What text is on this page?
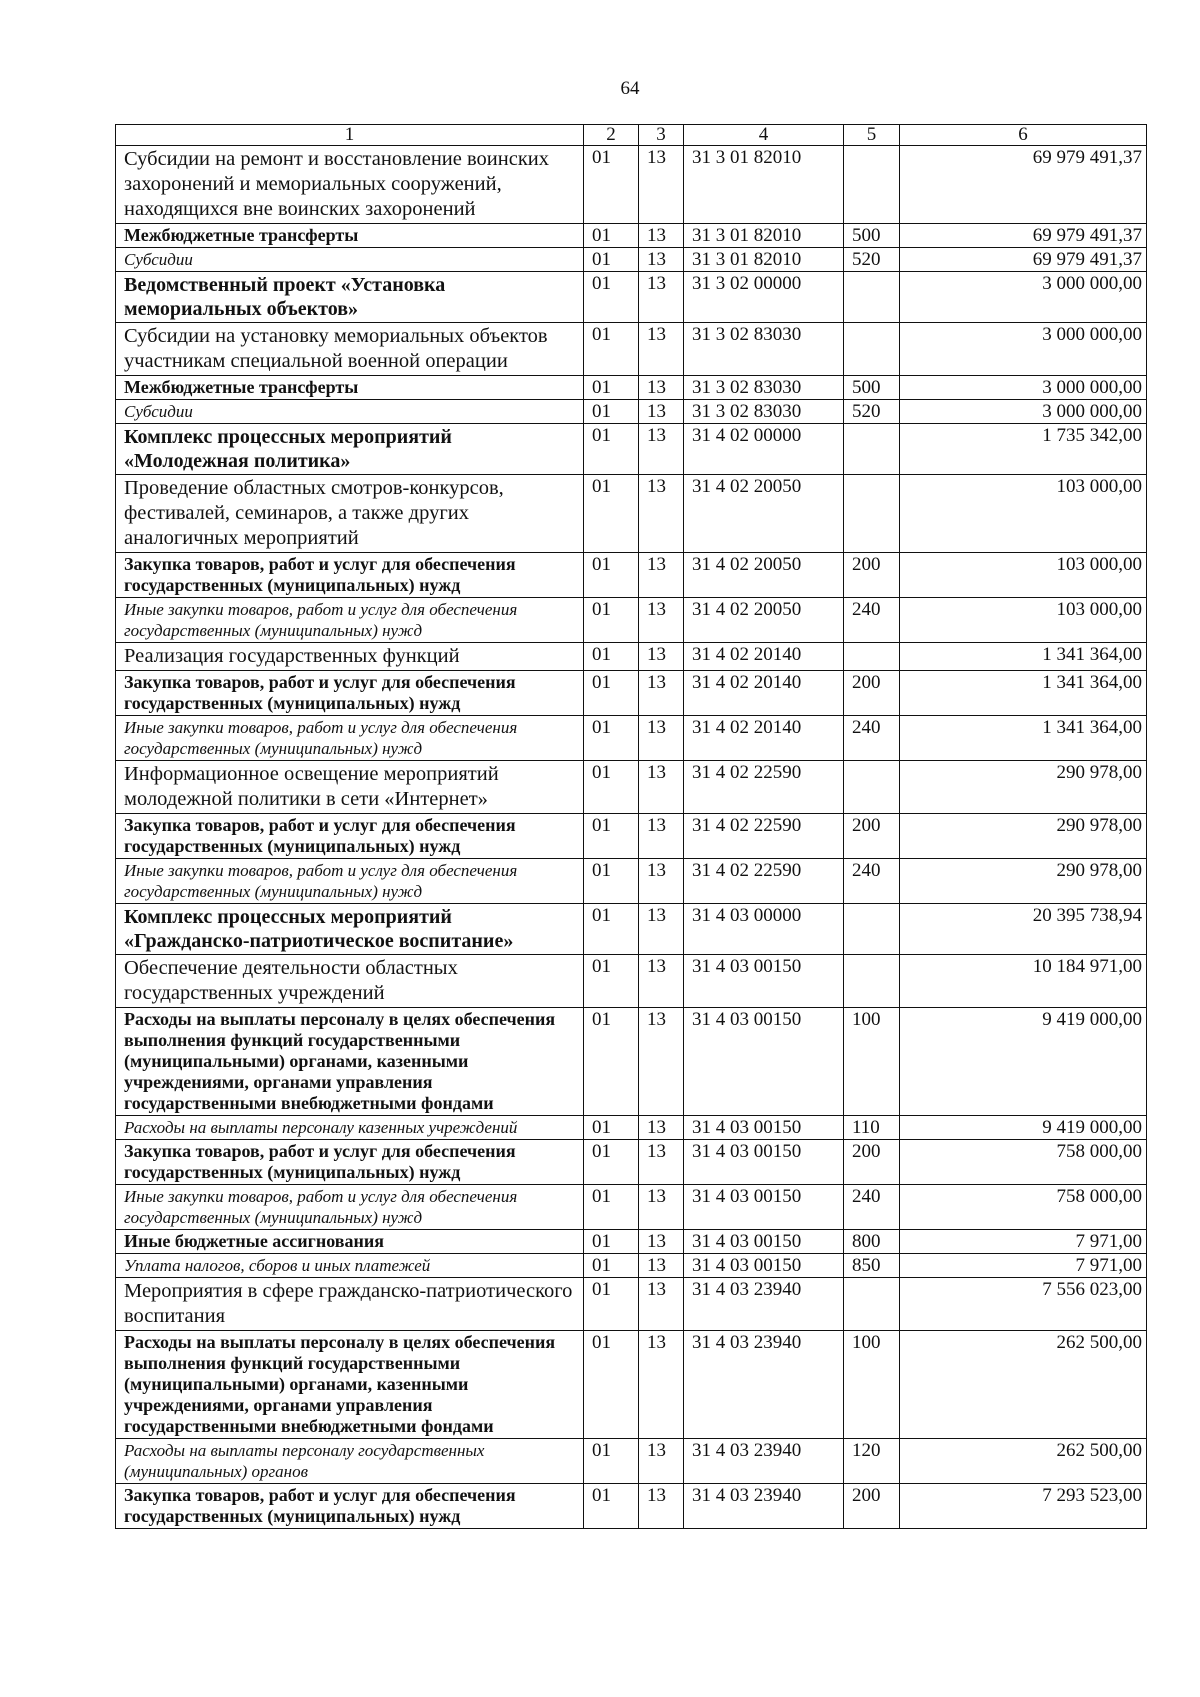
64
1	2	3	4	5	6
Субсидии на ремонт и восстановление воинских захоронений и мемориальных сооружений, находящихся вне воинских захоронений	01	13	31 3 01 82010		69 979 491,37
Межбюджетные трансферты	01	13	31 3 01 82010	500	69 979 491,37
Субсидии	01	13	31 3 01 82010	520	69 979 491,37
Ведомственный проект «Установка мемориальных объектов»	01	13	31 3 02 00000		3 000 000,00
Субсидии на установку мемориальных объектов участникам специальной военной операции	01	13	31 3 02 83030		3 000 000,00
Межбюджетные трансферты	01	13	31 3 02 83030	500	3 000 000,00
Субсидии	01	13	31 3 02 83030	520	3 000 000,00
Комплекс процессных мероприятий «Молодежная политика»	01	13	31 4 02 00000		1 735 342,00
Проведение областных смотров-конкурсов, фестивалей, семинаров, а также других аналогичных мероприятий	01	13	31 4 02 20050		103 000,00
Закупка товаров, работ и услуг для обеспечения государственных (муниципальных) нужд	01	13	31 4 02 20050	200	103 000,00
Иные закупки товаров, работ и услуг для обеспечения государственных (муниципальных) нужд	01	13	31 4 02 20050	240	103 000,00
Реализация государственных функций	01	13	31 4 02 20140		1 341 364,00
Закупка товаров, работ и услуг для обеспечения государственных (муниципальных) нужд	01	13	31 4 02 20140	200	1 341 364,00
Иные закупки товаров, работ и услуг для обеспечения государственных (муниципальных) нужд	01	13	31 4 02 20140	240	1 341 364,00
Информационное освещение мероприятий молодежной политики в сети «Интернет»	01	13	31 4 02 22590		290 978,00
Закупка товаров, работ и услуг для обеспечения государственных (муниципальных) нужд	01	13	31 4 02 22590	200	290 978,00
Иные закупки товаров, работ и услуг для обеспечения государственных (муниципальных) нужд	01	13	31 4 02 22590	240	290 978,00
Комплекс процессных мероприятий «Гражданско-патриотическое воспитание»	01	13	31 4 03 00000		20 395 738,94
Обеспечение деятельности областных государственных учреждений	01	13	31 4 03 00150		10 184 971,00
Расходы на выплаты персоналу в целях обеспечения выполнения функций государственными (муниципальными) органами, казенными учреждениями, органами управления государственными внебюджетными фондами	01	13	31 4 03 00150	100	9 419 000,00
Расходы на выплаты персоналу казенных учреждений	01	13	31 4 03 00150	110	9 419 000,00
Закупка товаров, работ и услуг для обеспечения государственных (муниципальных) нужд	01	13	31 4 03 00150	200	758 000,00
Иные закупки товаров, работ и услуг для обеспечения государственных (муниципальных) нужд	01	13	31 4 03 00150	240	758 000,00
Иные бюджетные ассигнования	01	13	31 4 03 00150	800	7 971,00
Уплата налогов, сборов и иных платежей	01	13	31 4 03 00150	850	7 971,00
Мероприятия в сфере гражданско-патриотического воспитания	01	13	31 4 03 23940		7 556 023,00
Расходы на выплаты персоналу в целях обеспечения выполнения функций государственными (муниципальными) органами, казенными учреждениями, органами управления государственными внебюджетными фондами	01	13	31 4 03 23940	100	262 500,00
Расходы на выплаты персоналу государственных (муниципальных) органов	01	13	31 4 03 23940	120	262 500,00
Закупка товаров, работ и услуг для обеспечения государственных (муниципальных) нужд	01	13	31 4 03 23940	200	7 293 523,00
